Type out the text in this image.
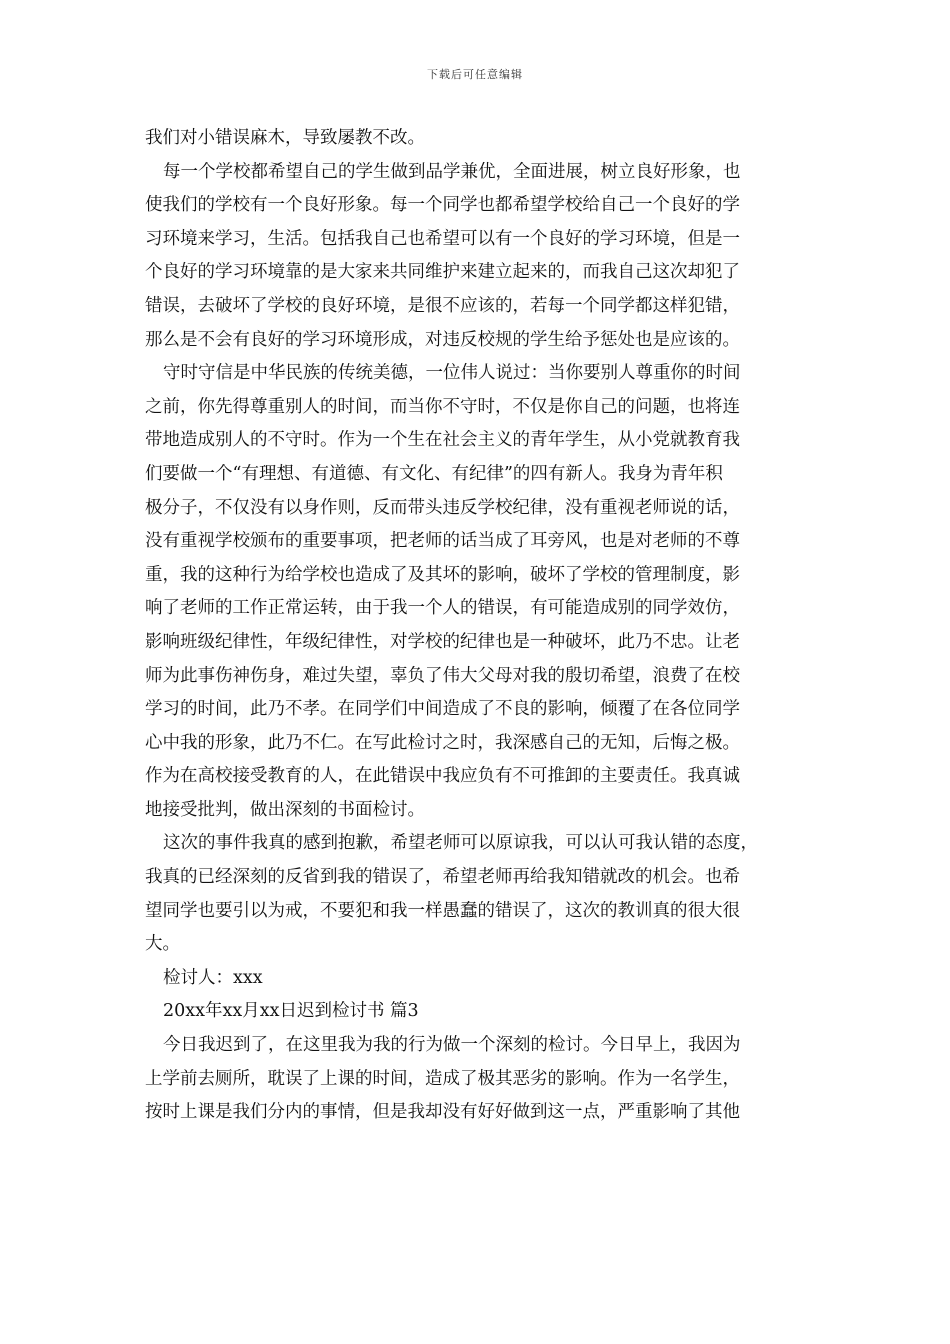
下载后可任意编辑
我们对小错误麻木，导致屡教不改。
每一个学校都希望自己的学生做到品学兼优，全面进展，树立良好形象，也
使我们的学校有一个良好形象。每一个同学也都希望学校给自己一个良好的学
习环境来学习，生活。包括我自己也希望可以有一个良好的学习环境，但是一
个良好的学习环境靠的是大家来共同维护来建立起来的，而我自己这次却犯了
错误，去破坏了学校的良好环境，是很不应该的，若每一个同学都这样犯错，
那么是不会有良好的学习环境形成，对违反校规的学生给予惩处也是应该的。
守时守信是中华民族的传统美德，一位伟人说过：当你要别人尊重你的时间
之前，你先得尊重别人的时间，而当你不守时，不仅是你自己的问题，也将连
带地造成别人的不守时。作为一个生在社会主义的青年学生，从小党就教育我
们要做一个“有理想、有道德、有文化、有纪律”的四有新人。我身为青年积
极分子，不仅没有以身作则，反而带头违反学校纪律，没有重视老师说的话，
没有重视学校颁布的重要事项，把老师的话当成了耳旁风，也是对老师的不尊
重，我的这种行为给学校也造成了及其坏的影响，破坏了学校的管理制度，影
响了老师的工作正常运转，由于我一个人的错误，有可能造成别的同学效仿，
影响班级纪律性，年级纪律性，对学校的纪律也是一种破坏，此乃不忠。让老
师为此事伤神伤身，难过失望，辜负了伟大父母对我的殷切希望，浪费了在校
学习的时间，此乃不孝。在同学们中间造成了不良的影响，倾覆了在各位同学
心中我的形象，此乃不仁。在写此检讨之时，我深感自己的无知，后悔之极。
作为在高校接受教育的人，在此错误中我应负有不可推卸的主要责任。我真诚
地接受批判，做出深刻的书面检讨。
这次的事件我真的感到抱歉，希望老师可以原谅我，可以认可我认错的态度，
我真的已经深刻的反省到我的错误了，希望老师再给我知错就改的机会。也希
望同学也要引以为戒，不要犯和我一样愚蠢的错误了，这次的教训真的很大很
大。
检讨人：xxx
20xx年xx月xx日迟到检讨书 篇3
今日我迟到了，在这里我为我的行为做一个深刻的检讨。今日早上，我因为
上学前去厕所，耽误了上课的时间，造成了极其恶劣的影响。作为一名学生，
按时上课是我们分内的事情，但是我却没有好好做到这一点，严重影响了其他
